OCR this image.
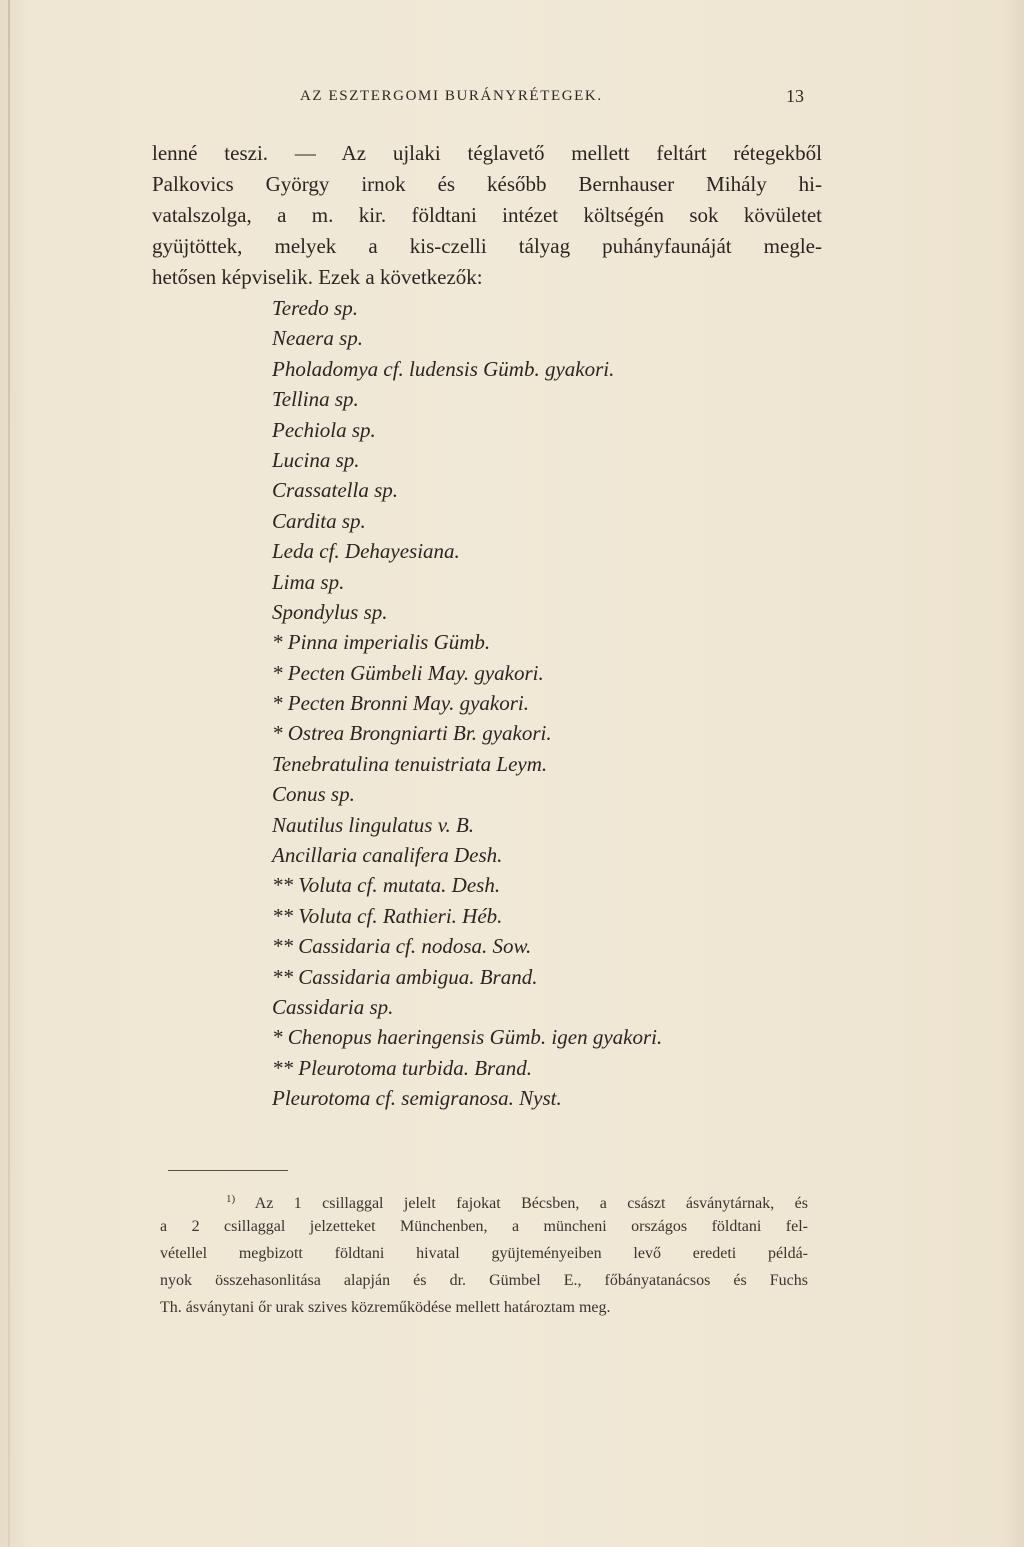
AZ ESZTERGOMI BURÁNYRÉTEGEK.	13
lenné teszi. — Az ujlaki téglavető mellett feltárt rétegekből
Palkovics György irnok és később Bernhauser Mihály hi-
vatalszolga, a m. kir. földtani intézet költségén sok kövületet
gyüjtöttek, melyek a kis-czelli tályag puhányfaunáját megle-
hetősen képviselik. Ezek a következők:
Teredo sp.
Neaera sp.
Pholadomya cf. ludensis Gümb. gyakori.
Tellina sp.
Pechiola sp.
Lucina sp.
Crassatella sp.
Cardita sp.
Leda cf. Dehayesiana.
Lima sp.
Spondylus sp.
* Pinna imperialis Gümb.
* Pecten Gümbeli May. gyakori.
* Pecten Bronni May. gyakori.
* Ostrea Brongniarti Br. gyakori.
Tenebratulina tenuistriata Leym.
Conus sp.
Nautilus lingulatus v. B.
Ancillaria canalifera Desh.
** Voluta cf. mutata. Desh.
** Voluta cf. Rathieri. Héb.
** Cassidaria cf. nodosa. Sow.
** Cassidaria ambigua. Brand.
Cassidaria sp.
* Chenopus haeringensis Gümb. igen gyakori.
** Pleurotoma turbida. Brand.
Pleurotoma cf. semigranosa. Nyst.
$^{1)}$ Az 1 csillaggal jelelt fajokat Bécsben, a császt ásványtárnak, és
a 2 csillaggal jelzetteket Münchenben, a müncheni országos földtani fel-
vétellel megbizott földtani hivatal gyüjteményeiben levő eredeti példá-
nyok összehasonlitása alapján és dr. Gümbel E., főbányatanácsos és Fuchs
Th. ásványtani őr urak szives közreműködése mellett határoztam meg.
